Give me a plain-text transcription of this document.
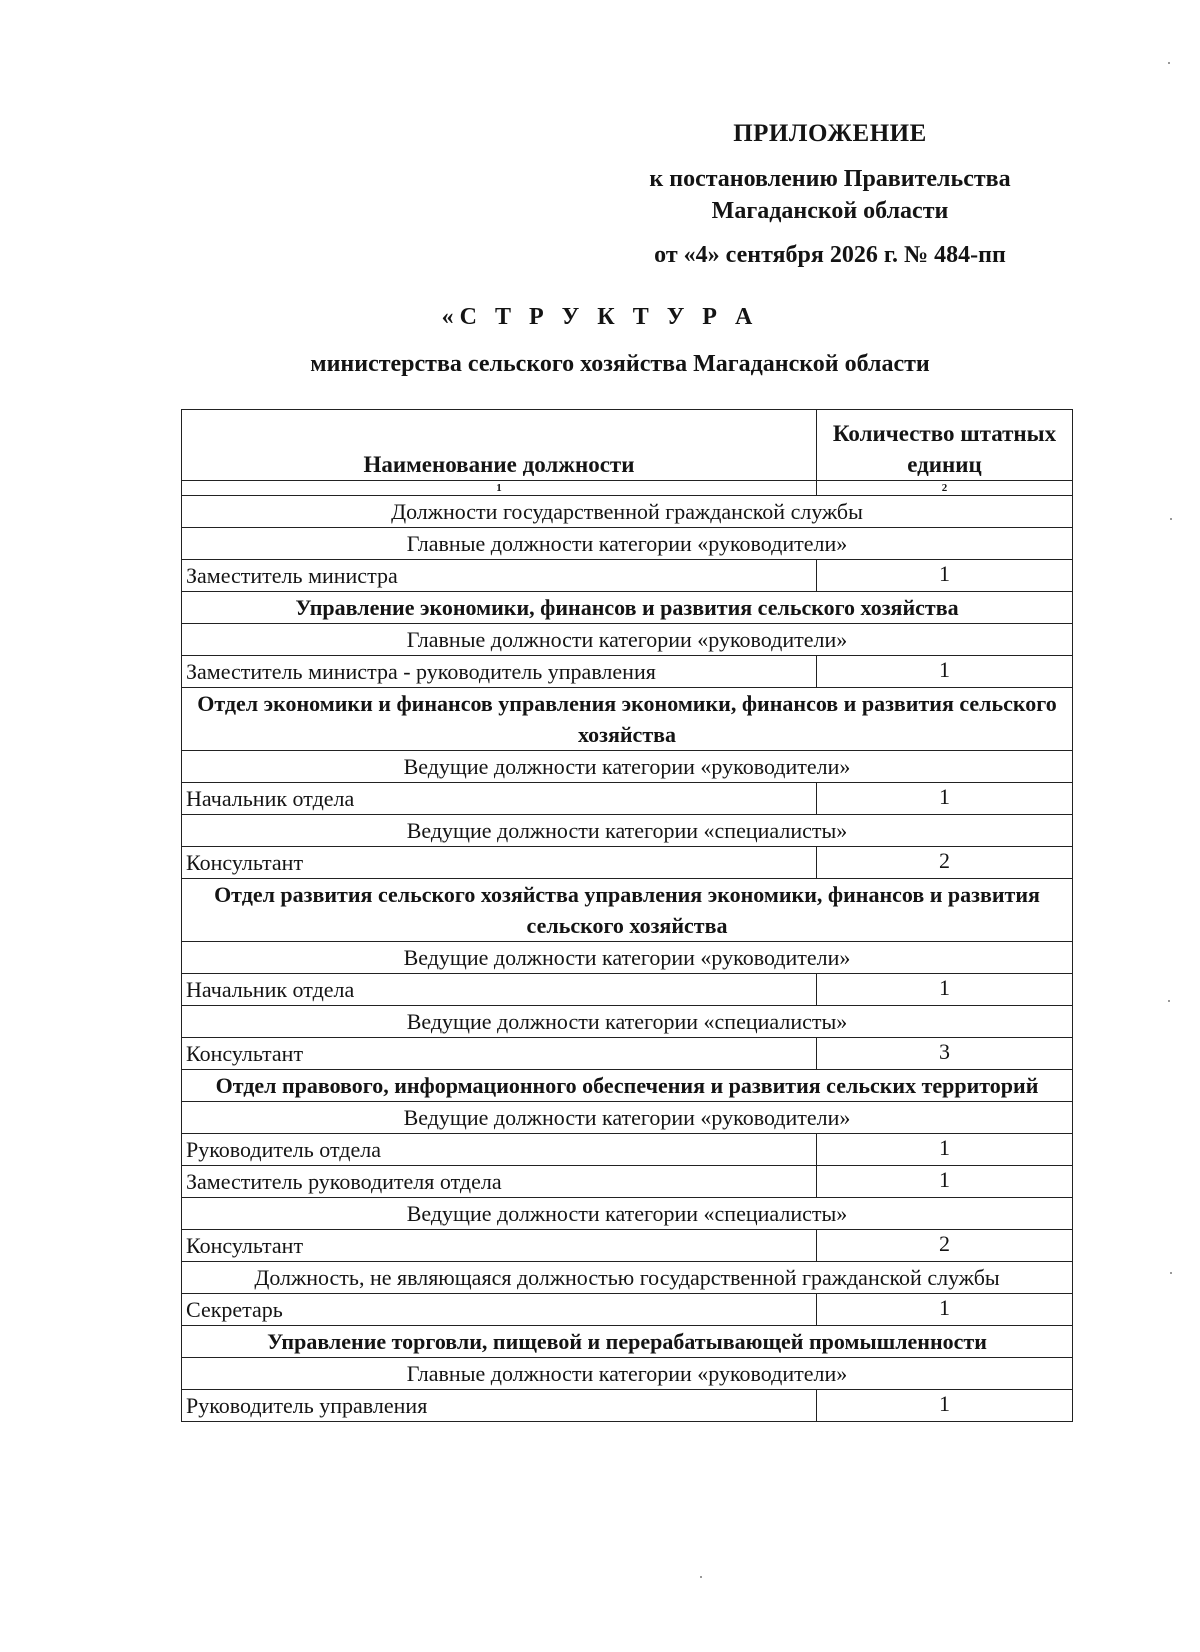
ПРИЛОЖЕНИЕ
к постановлению Правительства
Магаданской области
от «4» сентября 2026 г. № 484-пп
«С Т Р У К Т У Р А
министерства сельского хозяйства Магаданской области
Наименование должности	Количество штатных единиц
1	2
Должности государственной гражданской службы	
Главные должности категории «руководители»	
Заместитель министра	1
Управление экономики, финансов и развития сельского хозяйства	
Главные должности категории «руководители»	
Заместитель министра - руководитель управления	1
Отдел экономики и финансов управления экономики, финансов и развития сельского хозяйства	
Ведущие должности категории «руководители»	
Начальник отдела	1
Ведущие должности категории «специалисты»	
Консультант	2
Отдел развития сельского хозяйства управления экономики, финансов и развития сельского хозяйства	
Ведущие должности категории «руководители»	
Начальник отдела	1
Ведущие должности категории «специалисты»	
Консультант	3
Отдел правового, информационного обеспечения и развития сельских территорий	
Ведущие должности категории «руководители»	
Руководитель отдела	1
Заместитель руководителя отдела	1
Ведущие должности категории «специалисты»	
Консультант	2
Должность, не являющаяся должностью государственной гражданской службы	
Секретарь	1
Управление торговли, пищевой и перерабатывающей промышленности	
Главные должности категории «руководители»	
Руководитель управления	1
